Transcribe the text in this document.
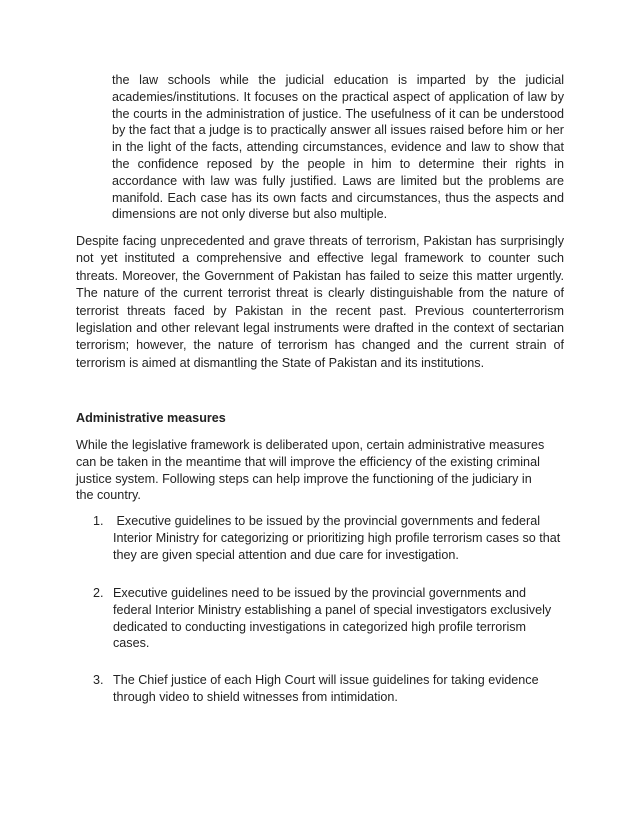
the law schools while the judicial education is imparted by the judicial academies/institutions. It focuses on the practical aspect of application of law by the courts in the administration of justice. The usefulness of it can be understood by the fact that a judge is to practically answer all issues raised before him or her in the light of the facts, attending circumstances, evidence and law to show that the confidence reposed by the people in him to determine their rights in accordance with law was fully justified. Laws are limited but the problems are manifold. Each case has its own facts and circumstances, thus the aspects and dimensions are not only diverse but also multiple.

Despite facing unprecedented and grave threats of terrorism, Pakistan has surprisingly not yet instituted a comprehensive and effective legal framework to counter such threats. Moreover, the Government of Pakistan has failed to seize this matter urgently. The nature of the current terrorist threat is clearly distinguishable from the nature of terrorist threats faced by Pakistan in the recent past. Previous counterterrorism legislation and other relevant legal instruments were drafted in the context of sectarian terrorism; however, the nature of terrorism has changed and the current strain of terrorism is aimed at dismantling the State of Pakistan and its institutions.

Administrative measures

While the legislative framework is deliberated upon, certain administrative measures can be taken in the meantime that will improve the efficiency of the existing criminal justice system. Following steps can help improve the functioning of the judiciary in the country.

1. Executive guidelines to be issued by the provincial governments and federal Interior Ministry for categorizing or prioritizing high profile terrorism cases so that they are given special attention and due care for investigation.
2. Executive guidelines need to be issued by the provincial governments and federal Interior Ministry establishing a panel of special investigators exclusively dedicated to conducting investigations in categorized high profile terrorism cases.
3. The Chief justice of each High Court will issue guidelines for taking evidence through video to shield witnesses from intimidation.
